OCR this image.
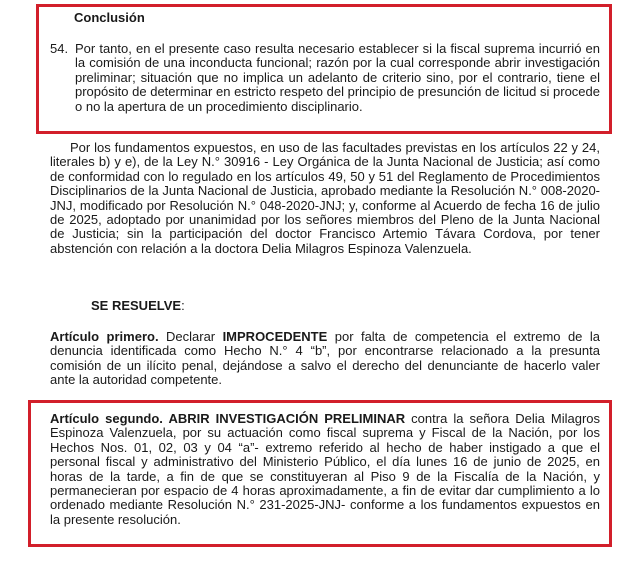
Conclusión
54. Por tanto, en el presente caso resulta necesario establecer si la fiscal suprema incurrió en la comisión de una inconducta funcional; razón por la cual corresponde abrir investigación preliminar; situación que no implica un adelanto de criterio sino, por el contrario, tiene el propósito de determinar en estricto respeto del principio de presunción de licitud si procede o no la apertura de un procedimiento disciplinario.

Por los fundamentos expuestos, en uso de las facultades previstas en los artículos 22 y 24, literales b) y e), de la Ley N.° 30916 - Ley Orgánica de la Junta Nacional de Justicia; así como de conformidad con lo regulado en los artículos 49, 50 y 51 del Reglamento de Procedimientos Disciplinarios de la Junta Nacional de Justicia, aprobado mediante la Resolución N.° 008-2020-JNJ, modificado por Resolución N.° 048-2020-JNJ; y, conforme al Acuerdo de fecha 16 de julio de 2025, adoptado por unanimidad por los señores miembros del Pleno de la Junta Nacional de Justicia; sin la participación del doctor Francisco Artemio Távara Cordova, por tener abstención con relación a la doctora Delia Milagros Espinoza Valenzuela.

SE RESUELVE:

Artículo primero. Declarar IMPROCEDENTE por falta de competencia el extremo de la denuncia identificada como Hecho N.° 4 “b”, por encontrarse relacionado a la presunta comisión de un ilícito penal, dejándose a salvo el derecho del denunciante de hacerlo valer ante la autoridad competente.

Artículo segundo. ABRIR INVESTIGACIÓN PRELIMINAR contra la señora Delia Milagros Espinoza Valenzuela, por su actuación como fiscal suprema y Fiscal de la Nación, por los Hechos Nos. 01, 02, 03 y 04 “a”- extremo referido al hecho de haber instigado a que el personal fiscal y administrativo del Ministerio Público, el día lunes 16 de junio de 2025, en horas de la tarde, a fin de que se constituyeran al Piso 9 de la Fiscalía de la Nación, y permanecieran por espacio de 4 horas aproximadamente, a fin de evitar dar cumplimiento a lo ordenado mediante Resolución N.° 231-2025-JNJ- conforme a los fundamentos expuestos en la presente resolución.
